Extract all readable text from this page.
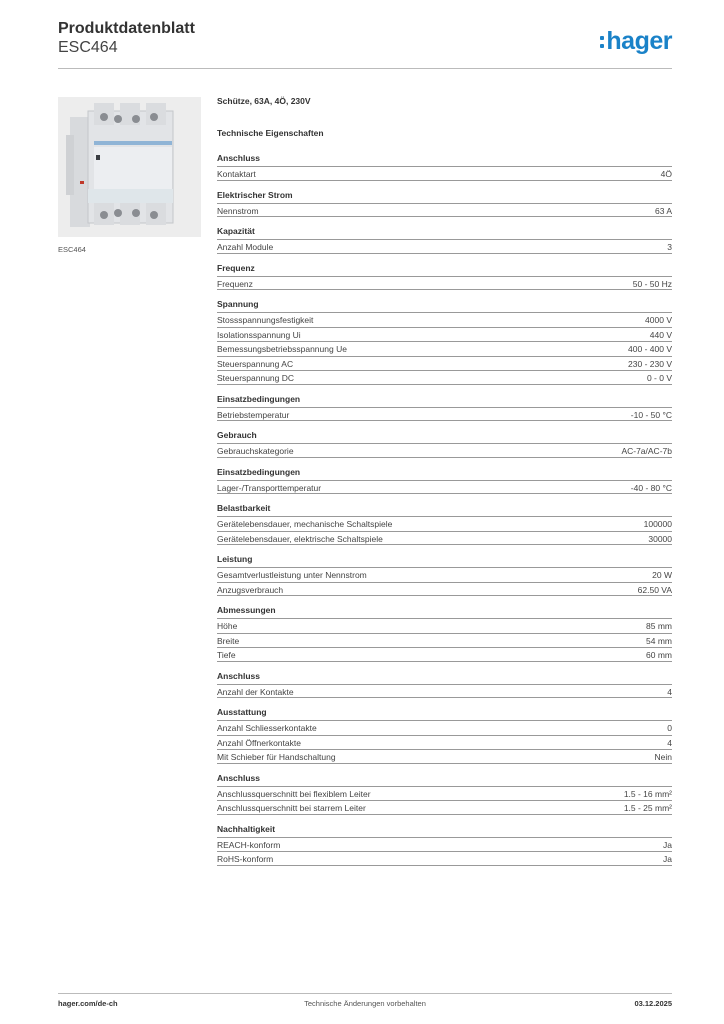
Produktdatenblatt
ESC464	hager
ESC464
Schütze, 63A, 4Ö, 230V
Technische Eigenschaften
Anschluss
Kontaktart	4Ö
Elektrischer Strom
Nennstrom	63 A
Kapazität
Anzahl Module	3
Frequenz
Frequenz	50 - 50 Hz
Spannung
Stossspannungsfestigkeit	4000 V
Isolationsspannung Ui	440 V
Bemessungsbetriebsspannung Ue	400 - 400 V
Steuerspannung AC	230 - 230 V
Steuerspannung DC	0 - 0 V
Einsatzbedingungen
Betriebstemperatur	-10 - 50 °C
Gebrauch
Gebrauchskategorie	AC-7a/AC-7b
Einsatzbedingungen
Lager-/Transporttemperatur	-40 - 80 °C
Belastbarkeit
Gerätelebensdauer, mechanische Schaltspiele	100000
Gerätelebensdauer, elektrische Schaltspiele	30000
Leistung
Gesamtverlustleistung unter Nennstrom	20 W
Anzugsverbrauch	62.50 VA
Abmessungen
Höhe	85 mm
Breite	54 mm
Tiefe	60 mm
Anschluss
Anzahl der Kontakte	4
Ausstattung
Anzahl Schliesserkontakte	0
Anzahl Öffnerkontakte	4
Mit Schieber für Handschaltung	Nein
Anschluss
Anschlussquerschnitt bei flexiblem Leiter	1.5 - 16 mm²
Anschlussquerschnitt bei starrem Leiter	1.5 - 25 mm²
Nachhaltigkeit
REACH-konform	Ja
RoHS-konform	Ja
hager.com/de-ch	Technische Änderungen vorbehalten	03.12.2025
